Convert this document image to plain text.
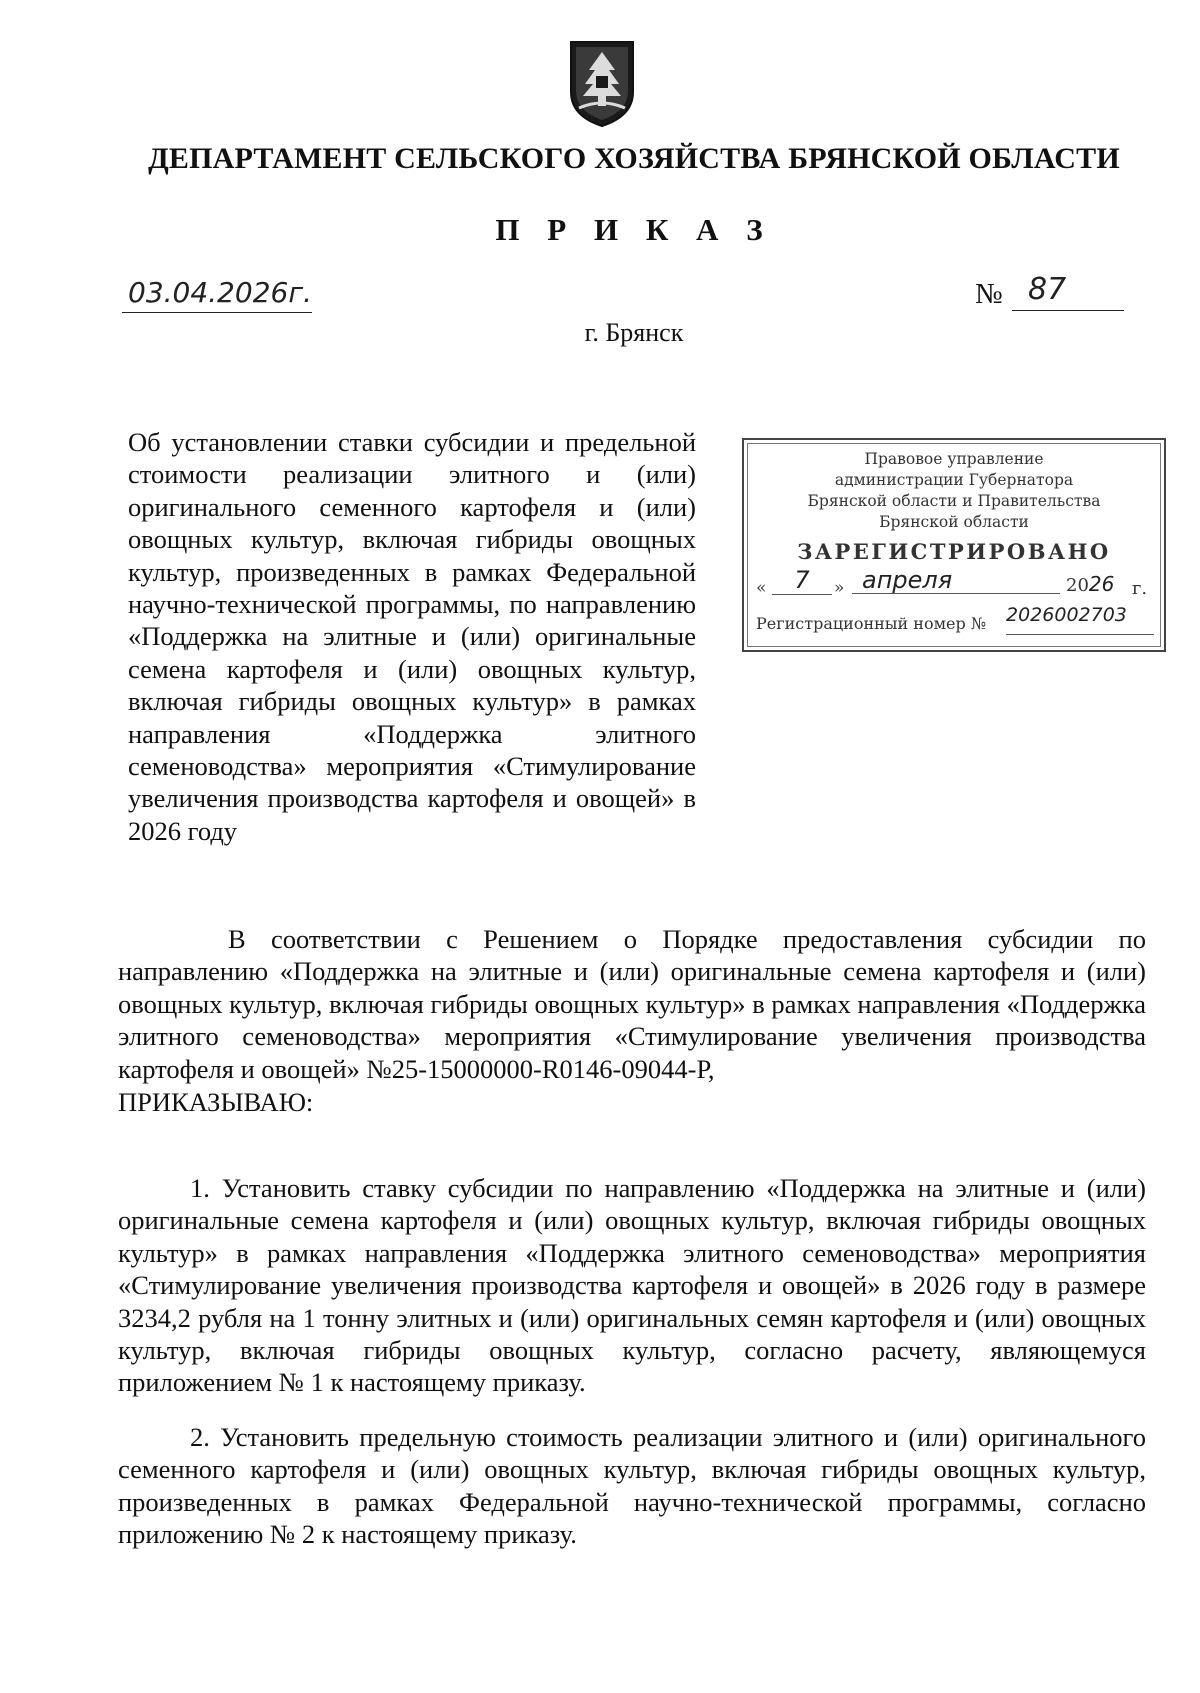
ДЕПАРТАМЕНТ СЕЛЬСКОГО ХОЗЯЙСТВА БРЯНСКОЙ ОБЛАСТИ
П Р И К А З
03.04.2026г.	№ 87
г. Брянск
Об установлении ставки субсидии и предельной стоимости реализации элитного и (или) оригинального семенного картофеля и (или) овощных культур, включая гибриды овощных культур, произведенных в рамках Федеральной научно-технической программы, по направлению «Поддержка на элитные и (или) оригинальные семена картофеля и (или) овощных культур, включая гибриды овощных культур» в рамках направления «Поддержка элитного семеноводства» мероприятия «Стимулирование увеличения производства картофеля и овощей» в 2026 году
Правовое управление
администрации Губернатора
Брянской области и Правительства
Брянской области
ЗАРЕГИСТРИРОВАНО
«	7	» апреля	2026 г.
Регистрационный номер № 2026002703
В соответствии с Решением о Порядке предоставления субсидии по направлению «Поддержка на элитные и (или) оригинальные семена картофеля и (или) овощных культур, включая гибриды овощных культур» в рамках направления «Поддержка элитного семеноводства» мероприятия «Стимулирование увеличения производства картофеля и овощей» №25-15000000-R0146-09044-Р,
ПРИКАЗЫВАЮ:
1. Установить ставку субсидии по направлению «Поддержка на элитные и (или) оригинальные семена картофеля и (или) овощных культур, включая гибриды овощных культур» в рамках направления «Поддержка элитного семеноводства» мероприятия «Стимулирование увеличения производства картофеля и овощей» в 2026 году в размере 3234,2 рубля на 1 тонну элитных и (или) оригинальных семян картофеля и (или) овощных культур, включая гибриды овощных культур, согласно расчету, являющемуся приложением № 1 к настоящему приказу.
2. Установить предельную стоимость реализации элитного и (или) оригинального семенного картофеля и (или) овощных культур, включая гибриды овощных культур, произведенных в рамках Федеральной научно-технической программы, согласно приложению № 2 к настоящему приказу.
